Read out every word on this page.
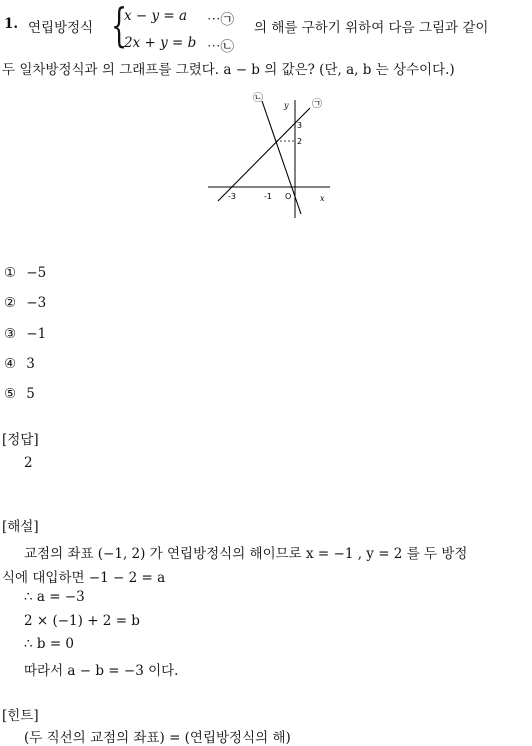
1. 연립방정식 {
x − y = a
2x + y = b
⋯㉠
⋯㉡
의 해를 구하기 위하여 다음 그림과 같이
두 일차방정식과 의 그래프를 그렸다. a − b 의 값은? (단, a, b 는 상수이다.)
㉡
㉠
y
x
-3	-1 O
2
3
① −5
② −3
③ −1
④ 3
⑤ 5
[정답]
2
[해설]
교점의 좌표 (−1, 2) 가 연립방정식의 해이므로 x = −1 , y = 2 를 두 방정
식에 대입하면 −1 − 2 = a
∴ a = −3
2 × (−1) + 2 = b
∴ b = 0
따라서 a − b = −3 이다.
[힌트]
(두 직선의 교점의 좌표) = (연립방정식의 해)
